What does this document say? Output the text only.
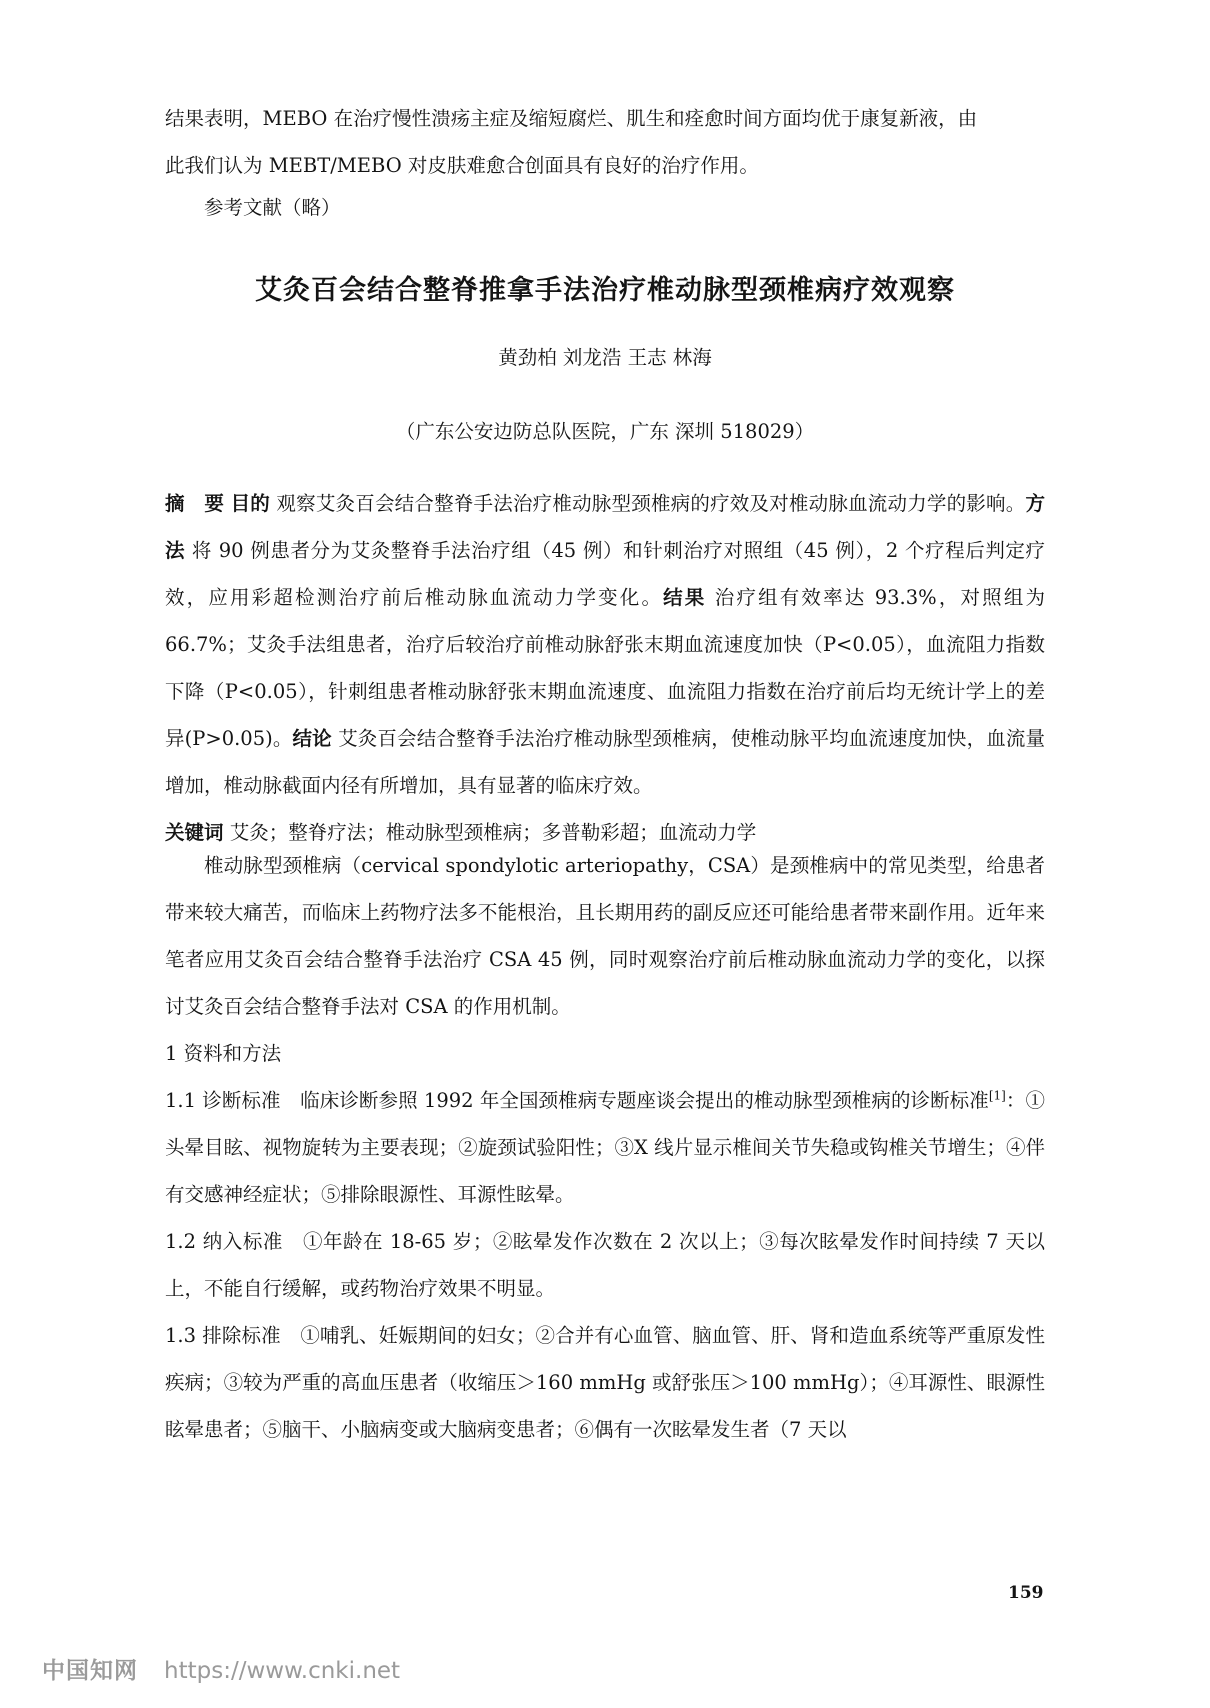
结果表明，MEBO 在治疗慢性溃疡主症及缩短腐烂、肌生和痊愈时间方面均优于康复新液，由

此我们认为 MEBT/MEBO 对皮肤难愈合创面具有良好的治疗作用。

参考文献（略）

艾灸百会结合整脊推拿手法治疗椎动脉型颈椎病疗效观察
黄劲柏 刘龙浩 王志 林海
（广东公安边防总队医院，广东 深圳 518029）

摘　要 目的 观察艾灸百会结合整脊手法治疗椎动脉型颈椎病的疗效及对椎动脉血流动力学的影响。方法 将 90 例患者分为艾灸整脊手法治疗组（45 例）和针刺治疗对照组（45 例），2 个疗程后判定疗效，应用彩超检测治疗前后椎动脉血流动力学变化。结果 治疗组有效率达 93.3%，对照组为 66.7%；艾灸手法组患者，治疗后较治疗前椎动脉舒张末期血流速度加快（P<0.05），血流阻力指数下降（P<0.05），针刺组患者椎动脉舒张末期血流速度、血流阻力指数在治疗前后均无统计学上的差异(P>0.05)。结论 艾灸百会结合整脊手法治疗椎动脉型颈椎病，使椎动脉平均血流速度加快，血流量增加，椎动脉截面内径有所增加，具有显著的临床疗效。

关键词 艾灸；整脊疗法；椎动脉型颈椎病；多普勒彩超；血流动力学

椎动脉型颈椎病（cervical spondylotic arteriopathy，CSA）是颈椎病中的常见类型，给患者带来较大痛苦，而临床上药物疗法多不能根治，且长期用药的副反应还可能给患者带来副作用。近年来笔者应用艾灸百会结合整脊手法治疗 CSA 45 例，同时观察治疗前后椎动脉血流动力学的变化，以探讨艾灸百会结合整脊手法对 CSA 的作用机制。

1 资料和方法

1.1 诊断标准　临床诊断参照 1992 年全国颈椎病专题座谈会提出的椎动脉型颈椎病的诊断标准[1]：①头晕目眩、视物旋转为主要表现；②旋颈试验阳性；③X 线片显示椎间关节失稳或钩椎关节增生；④伴有交感神经症状；⑤排除眼源性、耳源性眩晕。

1.2 纳入标准　①年龄在 18-65 岁；②眩晕发作次数在 2 次以上；③每次眩晕发作时间持续 7 天以上，不能自行缓解，或药物治疗效果不明显。

1.3 排除标准　①哺乳、妊娠期间的妇女；②合并有心血管、脑血管、肝、肾和造血系统等严重原发性疾病；③较为严重的高血压患者（收缩压＞160 mmHg 或舒张压＞100 mmHg）；④耳源性、眼源性眩晕患者；⑤脑干、小脑病变或大脑病变患者；⑥偶有一次眩晕发生者（7 天以

159
中国知网 https://www.cnki.net
